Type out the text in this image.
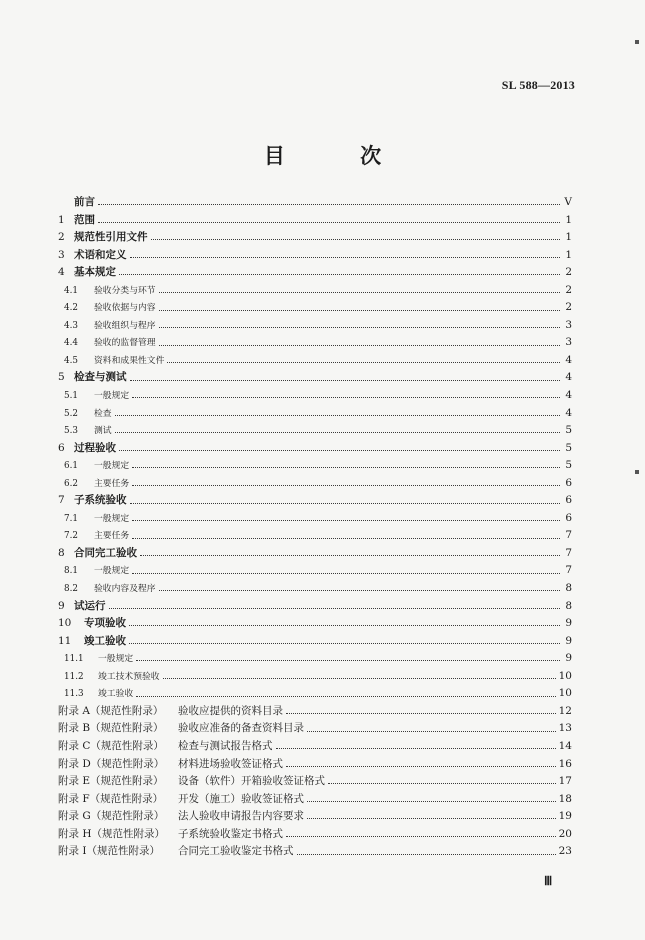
SL 588—2013
目 次
前言	V
1 范围	1
2 规范性引用文件	1
3 术语和定义	1
4 基本规定	2
4.1	验收分类与环节	2
4.2	验收依据与内容	2
4.3	验收组织与程序	3
4.4	验收的监督管理	3
4.5	资料和成果性文件	4
5 检查与测试	4
5.1	一般规定	4
5.2	检查	4
5.3	测试	5
6 过程验收	5
6.1	一般规定	5
6.2	主要任务	6
7 子系统验收	6
7.1	一般规定	6
7.2	主要任务	7
8 合同完工验收	7
8.1	一般规定	7
8.2	验收内容及程序	8
9 试运行	8
10	专项验收	9
11	竣工验收	9
11.1	一般规定	9
11.2	竣工技术预验收	10
11.3	竣工验收	10
附录 A（规范性附录）	验收应提供的资料目录	12
附录 B（规范性附录）	验收应准备的备查资料目录	13
附录 C（规范性附录）	检查与测试报告格式	14
附录 D（规范性附录）	材料进场验收签证格式	16
附录 E（规范性附录）	设备（软件）开箱验收签证格式	17
附录 F（规范性附录）	开发（施工）验收签证格式	18
附录 G（规范性附录）	法人验收申请报告内容要求	19
附录 H（规范性附录）	子系统验收鉴定书格式	20
附录 I（规范性附录）	合同完工验收鉴定书格式	23
Ⅲ
